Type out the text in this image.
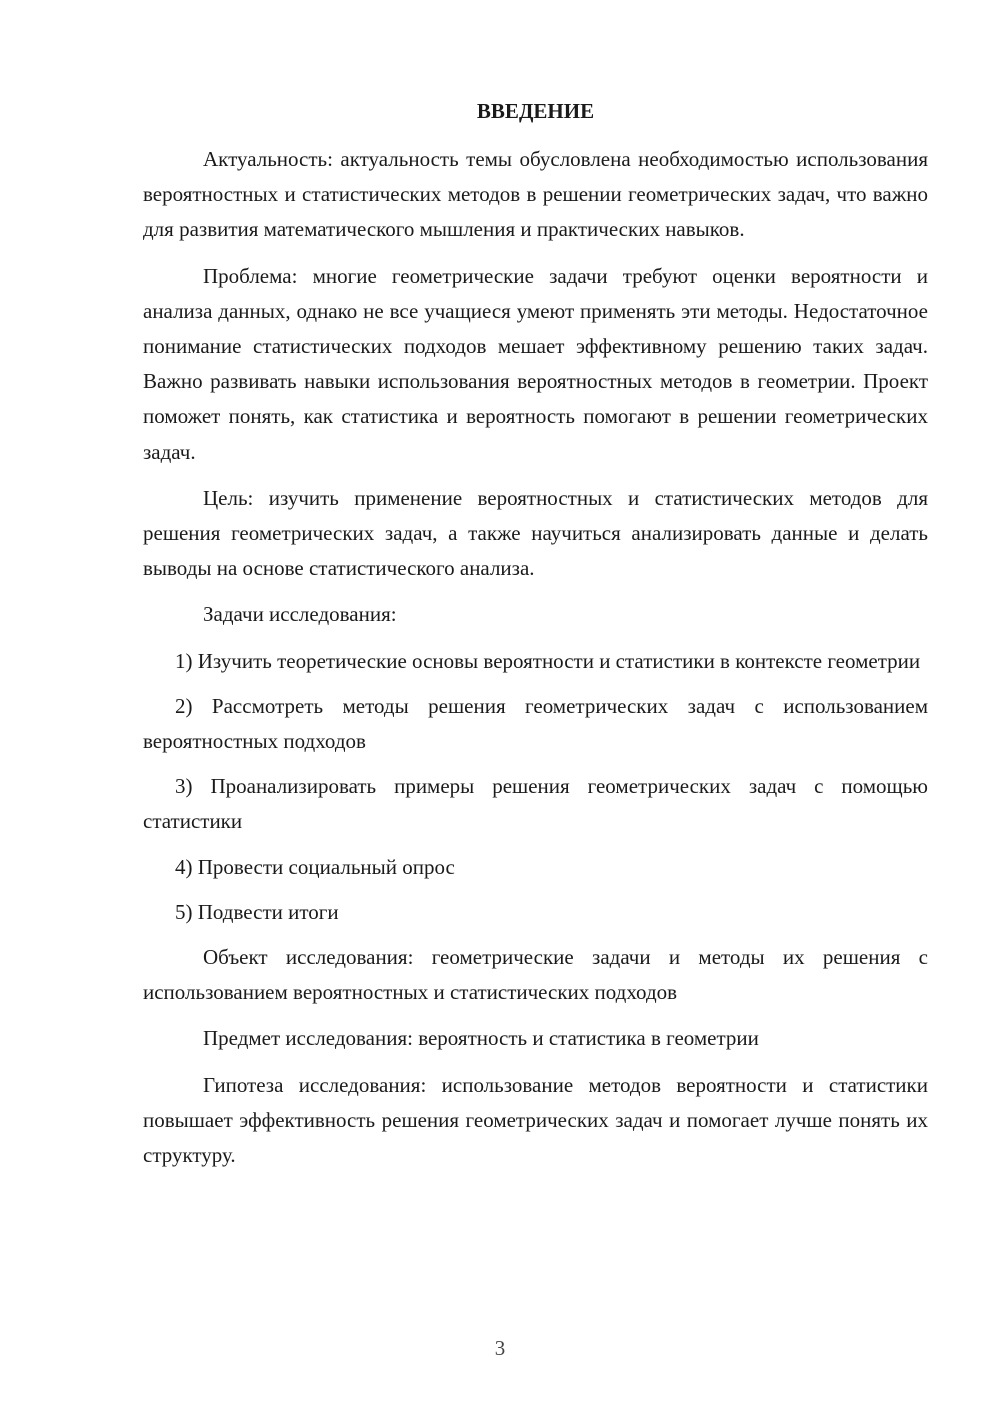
ВВЕДЕНИЕ

Актуальность: актуальность темы обусловлена необходимостью использования вероятностных и статистических методов в решении геометрических задач, что важно для развития математического мышления и практических навыков.

Проблема: многие геометрические задачи требуют оценки вероятности и анализа данных, однако не все учащиеся умеют применять эти методы. Недостаточное понимание статистических подходов мешает эффективному решению таких задач. Важно развивать навыки использования вероятностных методов в геометрии. Проект поможет понять, как статистика и вероятность помогают в решении геометрических задач.

Цель: изучить применение вероятностных и статистических методов для решения геометрических задач, а также научиться анализировать данные и делать выводы на основе статистического анализа.

Задачи исследования:

1) Изучить теоретические основы вероятности и статистики в контексте геометрии

2) Рассмотреть методы решения геометрических задач с использованием вероятностных подходов

3) Проанализировать примеры решения геометрических задач с помощью статистики

4) Провести социальный опрос

5) Подвести итоги

Объект исследования: геометрические задачи и методы их решения с использованием вероятностных и статистических подходов

Предмет исследования: вероятность и статистика в геометрии

Гипотеза исследования: использование методов вероятности и статистики повышает эффективность решения геометрических задач и помогает лучше понять их структуру.

3
